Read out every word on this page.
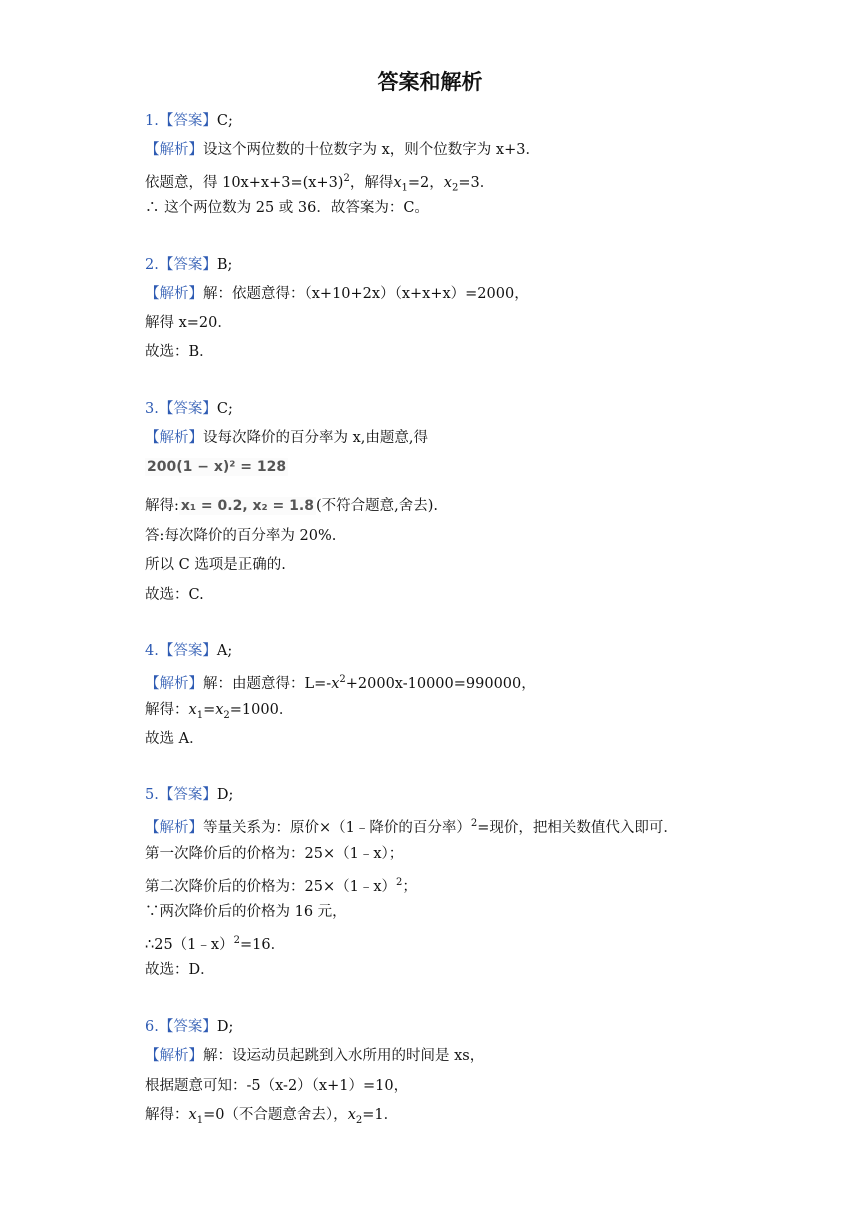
答案和解析
1.【答案】C;
【解析】设这个两位数的十位数字为 x，则个位数字为 x+3．
依题意，得 $10x+x+3=(x+3)^2$，解得$x_1=2$，$x_2=3$．
∴ 这个两位数为 25 或 36．故答案为：C。
2.【答案】B;
【解析】解：依题意得：（x+10+2x）（x+x+x）=2000，
解得 x=20．
故选：B．
3.【答案】C;
【解析】设每次降价的百分率为 x,由题意,得
200(1 − x)² = 128
解得: x₁ = 0.2, x₂ = 1.8 (不符合题意,舍去).
答:每次降价的百分率为 20%.
所以 C 选项是正确的.
故选：C.
4.【答案】A;
【解析】解：由题意得：$L=-x^2+2000x-10000=990000$，
解得：$x_1=x_2=1000$．
故选 A．
5.【答案】D;
【解析】等量关系为：原价×（1﹣降价的百分率）$^2$=现价，把相关数值代入即可．
第一次降价后的价格为：25×（1﹣x）；
第二次降价后的价格为：25×（1﹣x）$^2$；
∵两次降价后的价格为 16 元，
∴25（1﹣x）$^2$=16．
故选：D．
6.【答案】D;
【解析】解：设运动员起跳到入水所用的时间是 xs，
根据题意可知：-5（x-2）（x+1）=10，
解得：$x_1=0$（不合题意舍去），$x_2=1$．
